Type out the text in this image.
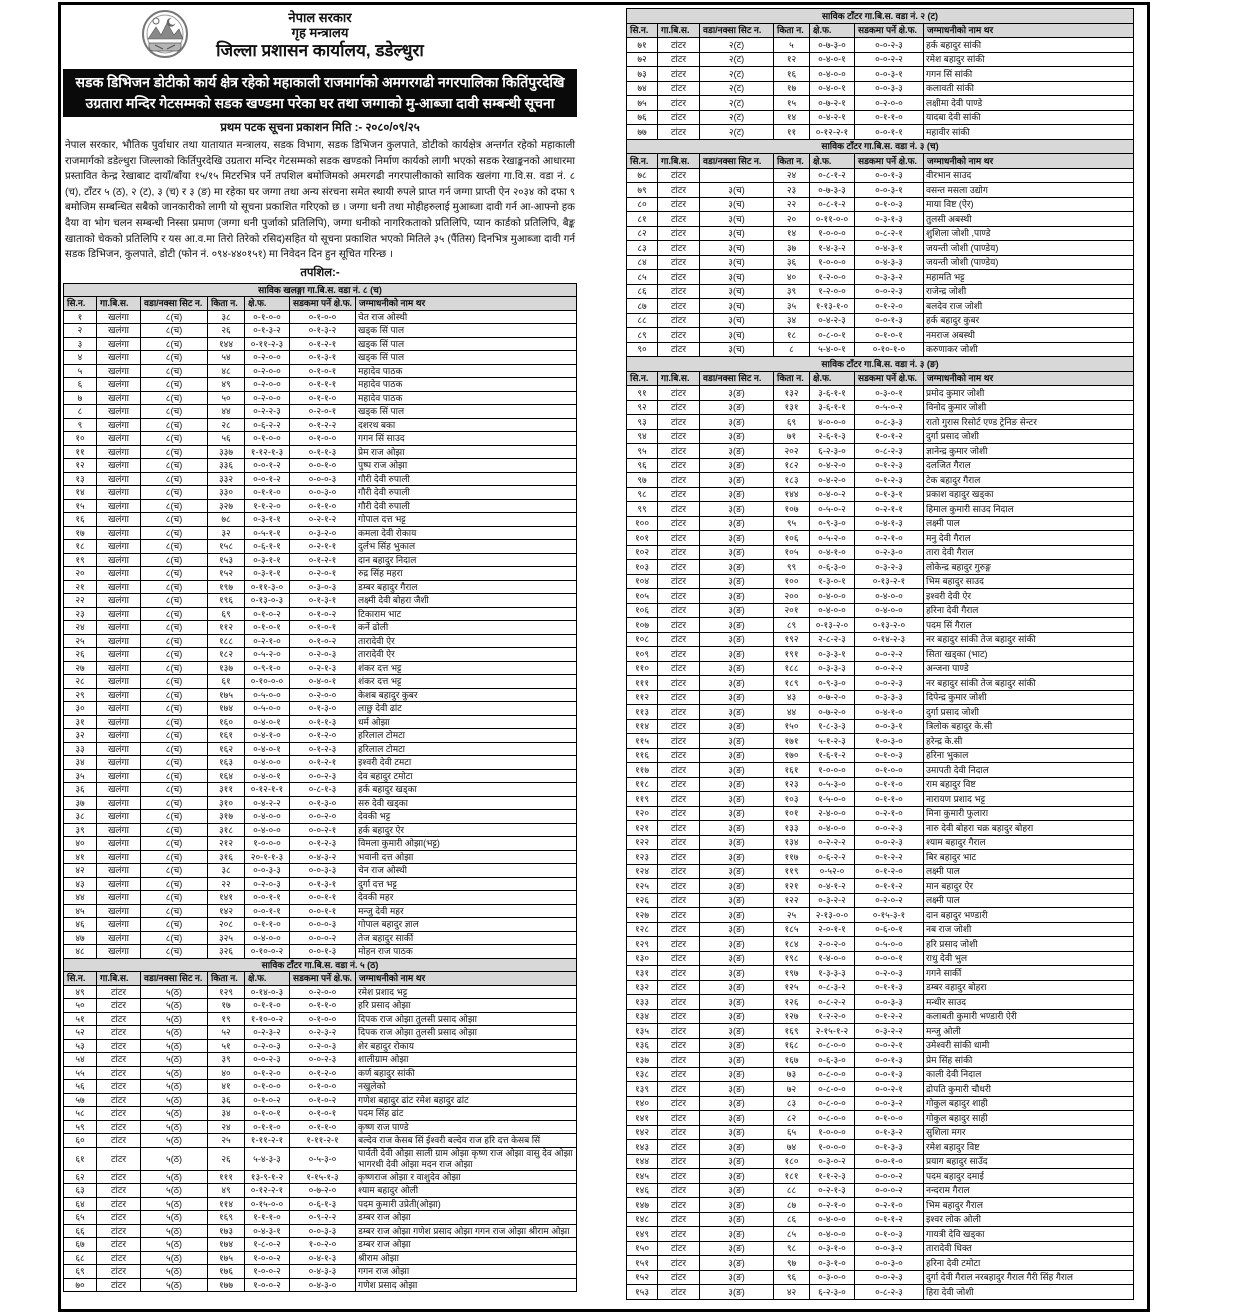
नेपाल सरकार
गृह मन्त्रालय
जिल्ला प्रशासन कार्यालय, डडेल्धुरा
सडक डिभिजन डोटीको कार्य क्षेत्र रहेको महाकाली राजमार्गको अमगरगढी नगरपालिका कितिंपुरदेखि
उग्रतारा मन्दिर गेटसम्मको सडक खण्डमा परेका घर तथा जग्गाको मु-आब्जा दावी सम्बन्धी सूचना
प्रथम पटक सूचना प्रकाशन मिति :- २०८०/०९/२५
नेपाल सरकार, भौतिक पुर्वाधार तथा यातायात मन्त्रालय, सडक विभाग, सडक डिभिजन कुलपाते, डोटीको कार्यक्षेत्र अन्तर्गत रहेको महाकाली राजमार्गको डडेल्धुरा जिल्लाको किर्तिपुरदेखि उग्रतारा मन्दिर गेटसम्मको सडक खण्डको निर्माण कार्यको लागी भएको सडक रेखाङ्कनको आधारमा प्रस्तावित केन्द्र रेखाबाट दायाँ/बाँया १५/१५ मिटरभित्र पर्ने तपशिल बमोजिमको अमरगढी नगरपालीकाको साविक खलंगा गा.वि.स. वडा नं. ८ (च), टाँटर ५ (ठ), २ (ट), ३ (च) र ३ (ङ) मा रहेका घर जग्गा तथा अन्य संरचना समेत स्थायी रुपले प्राप्त गर्न जग्गा प्राप्ती ऐन २०३४ को दफा ९ बमोजिम सम्बन्धित सबैको जानकारीको लागी यो सूचना प्रकाशित गरिएको छ । जग्गा धनी तथा मोहीहरुलाई मुआब्जा दावी गर्न आ-आफ्नो हक दैया वा भोग चलन सम्बन्धी निस्सा प्रमाण (जग्गा धनी पुर्जाको प्रतिलिपि), जग्गा धनीको नागरिकताको प्रतिलिपि, प्यान कार्डको प्रतिलिपि, बैङ्क खाताको चेकको प्रतिलिपि र यस आ.व.मा तिरो तिरेको रसिद)सहित यो सूचना प्रकाशित भएको मितिले ३५ (पैंतिस) दिनभित्र मुआब्जा दावी गर्न सडक डिभिजन, कुलपाते, डोटी (फोन नं. ०९४-४४०१५१) मा निवेदन दिन हुन सूचित गरिन्छ ।
तपशिल:-
साविक खलङ्गा गा.बि.स. वडा नं. ८ (च)						
सि.न.	गा.बि.स.	वडा/नक्सा सिट न.	किता न.	क्षे.फ.	सडकमा पर्ने क्षे.फ.	जग्माधनीको नाम थर
१	खलंगा	८(च)	३८	०-१-०-०	०-१-०-०	चेत राज ओस्थी
२	खलंगा	८(च)	२६	०-१-३-२	०-१-३-२	खड्क सिं पाल
३	खलंगा	८(च)	१४४	०-११-२-३	०-१-२-१	खड्क सिं पाल
४	खलंगा	८(च)	५४	०-२-०-०	०-१-३-१	खड्क सिं पाल
५	खलंगा	८(च)	४८	०-२-०-०	०-१-०-१	महादेव पाठक
६	खलंगा	८(च)	४९	०-२-०-०	०-१-१-१	महादेव पाठक
७	खलंगा	८(च)	५०	०-२-०-०	०-१-१-०	महादेव पाठक
८	खलंगा	८(च)	४४	०-२-२-३	०-२-०-१	खड्क सिं पाल
९	खलंगा	८(च)	२८	०-६-२-२	०-१-२-२	दशरथ बका
१०	खलंगा	८(च)	५६	०-१-०-०	०-१-०-०	गगन सिं साउद
११	खलंगा	८(च)	३३७	१-१२-१-३	०-१-१-३	प्रेम राज ओझा
१२	खलंगा	८(च)	३३६	०-०-१-२	०-०-१-०	पुष्प राज ओझा
१३	खलंगा	८(च)	३३२	०-०-१-२	०-०-०-३	गौरी देवी रुपाली
१४	खलंगा	८(च)	३३०	०-१-१-०	०-०-३-०	गौरी देवी रुपाली
१५	खलंगा	८(च)	३२७	१-१-२-०	०-१-१-०	गौरी देवी रुपाली
१६	खलंगा	८(च)	७८	०-३-१-१	०-२-१-२	गोपाल दत्त भट्ट
१७	खलंगा	८(च)	३२	०-५-१-१	०-३-२-०	कमला देवी रोकाय
१८	खलंगा	८(च)	१५८	०-६-१-१	०-२-१-१	दुर्लभ सिंह भुकाल
१९	खलंगा	८(च)	१५३	०-३-१-१	०-१-२-१	दान बहादुर निदाल
२०	खलंगा	८(च)	१५२	०-३-१-१	०-२-०-१	रुद्र सिंह महरा
२१	खलंगा	८(च)	१९७	०-११-३-०	०-३-०-३	डम्बर बहादुर गैराल
२२	खलंगा	८(च)	१९६	०-१३-०-३	०-१-३-१	लक्ष्मी देवी बोहरा जैशी
२३	खलंगा	८(च)	६९	०-१-०-२	०-१-०-२	टिकाराम भाट
२४	खलंगा	८(च)	११२	०-१-०-१	०-१-०-१	कर्ने ढोली
२५	खलंगा	८(च)	१८८	०-२-१-०	०-१-०-२	तारादेवी ऐर
२६	खलंगा	८(च)	१८२	०-५-२-०	०-२-०-३	तारादेवी ऐर
२७	खलंगा	८(च)	१३७	०-९-१-०	०-२-१-३	शंकर दत्त भट्ट
२८	खलंगा	८(च)	६१	०-१०-०-०	०-४-०-१	शंकर दत्त भट्ट
२९	खलंगा	८(च)	१७५	०-५-०-०	०-२-०-०	केशब बहादुर कुबर
३०	खलंगा	८(च)	१७४	०-५-०-०	०-१-३-०	लाछु देवी ढांट
३१	खलंगा	८(च)	१६०	०-४-०-१	०-१-१-३	धर्म ओझा
३२	खलंगा	८(च)	१६१	०-४-१-०	०-१-२-०	हरिलाल टोमटा
३३	खलंगा	८(च)	१६२	०-४-०-१	०-१-२-३	हरिलाल टोमटा
३४	खलंगा	८(च)	१६३	०-४-०-०	०-१-२-१	इश्वरी देवी टमटा
३५	खलंगा	८(च)	१६४	०-४-०-१	०-०-२-३	देव बहादुर टमोटा
३६	खलंगा	८(च)	३११	०-१२-१-१	०-८-१-३	हर्क बहादुर खड्का
३७	खलंगा	८(च)	३१०	०-४-२-२	०-१-३-०	सरु देवी खड्का
३८	खलंगा	८(च)	३१७	०-४-०-०	०-०-२-०	देवकी भट्ट
३९	खलंगा	८(च)	३१८	०-४-०-०	०-०-२-१	हर्क बहादुर ऐर
४०	खलंगा	८(च)	२१२	१-०-०-०	०-१-२-३	विमला कुमारी ओझा(भट्ट)
४१	खलंगा	८(च)	३१६	२०-१-१-३	०-४-३-२	भवानी दत्त ओझा
४२	खलंगा	८(च)	३८	०-०-३-३	०-०-३-३	चेन राज ओस्थी
४३	खलंगा	८(च)	२२	०-२-०-३	०-१-३-१	दुर्गा दत्त भट्ट
४४	खलंगा	८(च)	१४१	०-०-१-१	०-०-१-१	देवकी महर
४५	खलंगा	८(च)	१४२	०-०-१-१	०-०-१-१	मन्जु देवी महर
४६	खलंगा	८(च)	२०८	०-१-१-०	०-०-०-३	गोपाल बहादुर ज्ञाल
४७	खलंगा	८(च)	३२५	०-४-०-०	०-०-०-२	तेज बहादुर सार्की
४८	खलंगा	८(च)	३२६	०-१०-०-२	०-०-१-३	मोहन राज पाठक
साविक टाँटर गा.बि.स. वडा नं. ५ (ठ)						
सि.न.	गा.बि.स.	वडा/नक्सा सिट न.	किता न.	क्षे.फ.	सडकमा पर्ने क्षे.फ.	जग्माधनीको नाम थर
४९	टांटर	५(ठ)	१२९	०-१४-०-३	०-२-०-०	रमेश प्रशाद भट्ट
५०	टांटर	५(ठ)	१७	०-१-१-०	०-१-१-०	हरि प्रसाद ओझा
५१	टांटर	५(ठ)	१९	१-१०-०-२	०-१-०-०	दिपक राज ओझा तुलसी प्रसाद ओझा
५२	टांटर	५(ठ)	५२	०-२-३-२	०-२-३-२	दिपक राज ओझा तुलसी प्रसाद ओझा
५३	टांटर	५(ठ)	५१	०-२-०-३	०-२-०-३	शेर बहादुर रोकाय
५४	टांटर	५(ठ)	३९	०-०-२-३	०-०-२-३	शालीग्राम ओझा
५५	टांटर	५(ठ)	४०	०-१-२-०	०-१-२-०	कर्ण बहादुर सांकी
५६	टांटर	५(ठ)	४१	०-१-०-०	०-१-०-०	नखुलेको
५७	टांटर	५(ठ)	३६	०-१-०-२	०-१-०-२	गणेश बहादुर ढांट रमेश बहादुर ढांट
५८	टांटर	५(ठ)	३४	०-१-०-१	०-१-०-१	पदम सिंह ढांट
५९	टांटर	५(ठ)	२४	०-१-१-०	०-१-१-०	कृष्ण राज पाण्डे
६०	टांटर	५(ठ)	२५	१-११-२-१	१-११-२-१	बल्देव राज केसब सिं ईश्वरी बल्देव राज हरि दत्त केसब सिं
६१	टांटर	५(ठ)	२६	५-४-३-३	०-५-३-०	पार्वती देवी ओझा साली ग्राम ओझा कृष्ण राज ओझा वासु देव ओझा भागरथी देवी ओझा मदन राज ओझा
६२	टांटर	५(ठ)	१११	१३-९-१-२	१-१५-१-३	कृष्णराज ओझा र वाशुदेव ओझा
६३	टांटर	५(ठ)	४९	०-१२-२-१	०-७-२-०	श्याम बहादुर ओली
६४	टांटर	५(ठ)	११४	०-१५-०-०	०-६-१-३	पदम कुमारी उप्रेती(ओझा)
६५	टांटर	५(ठ)	१६९	१-१-१-०	०-९-२-२	डम्बर राज ओझा
६६	टांटर	५(ठ)	१७३	०-४-३-१	०-०-३-३	डम्बर राज ओझा गणेश प्रसाद ओझा गगन राज ओझा श्रीराम ओझा
६७	टांटर	५(ठ)	१७४	१-८-०-२	१-०-२-०	डम्बर राज ओझा
६८	टांटर	५(ठ)	१७५	१-०-०-२	०-४-१-३	श्रीराम ओझा
६९	टांटर	५(ठ)	१७६	१-०-०-२	०-४-३-३	गगन राज ओझा
७०	टांटर	५(ठ)	१७७	१-०-०-२	०-४-३-०	गणेश प्रसाद ओझा
साविक टाँटर गा.बि.स. वडा नं. २ (ट)						
सि.न.	गा.बि.स.	वडा/नक्सा सिट न.	किता न.	क्षे.फ.	सडकमा पर्ने क्षे.फ.	जग्माधनीको नाम थर
७१	टांटर	२(ट)	५	०-७-३-०	०-०-२-३	हर्क बहादुर सांकी
७२	टांटर	२(ट)	१२	०-४-०-१	०-०-२-२	रमेश बहादुर सांकी
७३	टांटर	२(ट)	१६	०-४-०-०	०-०-३-१	गगन सिं सांकी
७४	टांटर	२(ट)	१७	०-४-०-१	०-०-३-३	कलावती सांकी
७५	टांटर	२(ट)	१५	०-७-२-१	०-२-०-०	लक्षीमा देवी पाण्डे
७६	टांटर	२(ट)	१४	०-४-२-१	०-१-१-०	यादबा देवी सांकी
७७	टांटर	२(ट)	११	०-१२-२-१	०-०-१-१	महावीर सांकी
साविक टाँटर गा.बि.स. वडा नं. ३ (च)						
सि.न.	गा.बि.स.	वडा/नक्सा सिट न.	किता न.	क्षे.फ.	सडकमा पर्ने क्षे.फ.	जग्माधनीको नाम थर
७८	टांटर		२४	०-८-१-२	०-०-१-३	वीरभान साउद
७९	टांटर	३(च)	२३	०-७-३-३	०-०-३-१	वसन्त मसला उद्योग
८०	टांटर	३(च)	२२	०-८-१-२	०-१-०-३	माया विष्ट (ऐर)
८१	टांटर	३(च)	२०	०-११-०-०	०-३-१-३	तुलसी अबस्थी
८२	टांटर	३(च)	१४	१-०-०-०	०-८-२-१	शुशिला जोशी ,पाण्डे
८३	टांटर	३(च)	३७	१-४-३-२	०-४-३-१	जयन्ती जोशी (पाण्डेय)
८४	टांटर	३(च)	३६	१-०-०-०	०-४-३-३	जयन्ती जोशी (पाण्डेय)
८५	टांटर	३(च)	४०	१-२-०-०	०-३-३-२	महामति भट्ट
८६	टांटर	३(च)	३९	१-२-०-०	०-०-२-३	राजेन्द्र जोशी
८७	टांटर	३(च)	३५	१-१३-१-०	०-१-२-०	बलदेव राज जोशी
८८	टांटर	३(च)	३४	०-४-२-३	०-०-१-३	हर्क बहादुर कुबर
८९	टांटर	३(च)	१८	०-८-०-१	०-१-०-१	नमराज अबस्थी
९०	टांटर	३(च)	८	५-४-०-१	०-१०-१-०	करुणाकर जोशी
साविक टाँटर गा.बि.स. वडा नं. ३ (ङ)						
सि.न.	गा.बि.स.	वडा/नक्सा सिट न.	किता न.	क्षे.फ.	सडकमा पर्ने क्षे.फ.	जग्माधनीको नाम थर
९१	टांटर	३(ङ)	१३२	३-६-१-१	०-३-०-१	प्रमोद कुमार जोशी
९२	टांटर	३(ङ)	१३१	३-६-१-१	०-५-०-२	विनोद कुमार जोशी
९३	टांटर	३(ङ)	६९	४-०-०-०	०-८-३-३	रातो गुरास रिसोर्ट एण्ड ट्रेनिङ सेन्टर
९४	टांटर	३(ङ)	७१	२-६-१-३	१-०-१-२	दुर्गा प्रसाद जोशी
९५	टांटर	३(ङ)	२०२	६-२-३-०	०-८-२-३	ज्ञानेन्द्र कुमार जोशी
९६	टांटर	३(ङ)	१८२	०-४-२-०	०-१-२-३	दलजित गैराल
९७	टांटर	३(ङ)	१८३	०-४-२-०	०-१-२-३	टेक बहादुर गैराल
९८	टांटर	३(ङ)	१४४	०-४-०-२	०-१-३-१	प्रकाश वहादुर खड्का
९९	टांटर	३(ङ)	१०७	०-५-०-२	०-२-१-१	हिमाल कुमारी साउद निदाल
१००	टांटर	३(ङ)	९५	०-९-३-०	०-४-१-३	लक्ष्मी पाल
१०१	टांटर	३(ङ)	१०६	०-५-२-०	०-२-१-०	मनु देवी गैराल
१०२	टांटर	३(ङ)	१०५	०-४-१-०	०-२-३-०	तारा देवी गैराल
१०३	टांटर	३(ङ)	९९	०-६-३-०	०-३-२-३	लोकेन्द्र बहादुर गुरुङ्ग
१०४	टांटर	३(ङ)	१००	१-३-०-१	०-१३-२-१	भिम बहादुर साउद
१०५	टांटर	३(ङ)	२००	०-४-०-०	०-४-०-०	इश्वरी देवी ऐर
१०६	टांटर	३(ङ)	२०१	०-४-०-०	०-४-०-०	हरिना देवी गैराल
१०७	टांटर	३(ङ)	८९	०-१३-२-०	०-१३-२-०	पदम सिं गैराल
१०८	टांटर	३(ङ)	१९२	२-८-२-३	०-१४-२-३	नर बहादुर सांकी तेज बहादुर सांकी
१०९	टांटर	३(ङ)	१९१	०-३-३-१	०-०-२-२	सिता खड्का (भाट)
११०	टांटर	३(ङ)	१८८	०-३-३-३	०-०-२-२	अन्जना पाण्डे
१११	टांटर	३(ङ)	१८९	०-९-३-०	०-०-२-३	नर बहादुर सांकी तेज बहादुर सांकी
११२	टांटर	३(ङ)	४३	०-७-२-०	०-३-३-३	दिपेन्द्र कुमार जोशी
११३	टांटर	३(ङ)	४४	०-७-२-०	०-४-१-०	दुर्गा प्रसाद जोशी
११४	टांटर	३(ङ)	१५०	१-८-३-३	०-०-३-१	त्रिलोक बहादुर के.सी
११५	टांटर	३(ङ)	१७१	५-१-२-३	१-०-३-०	हरेन्द्र के.सी
११६	टांटर	३(ङ)	१७०	१-६-१-२	०-१-०-३	हरिना भुकाल
११७	टांटर	३(ङ)	१६१	१-०-०-०	०-१-०-०	उमापती देवी निदाल
११८	टांटर	३(ङ)	१२३	०-५-३-०	०-१-१-०	राम बहादुर विष्ट
११९	टांटर	३(ङ)	१०३	१-५-०-०	०-१-१-०	नारायण प्रशाद भट्ट
१२०	टांटर	३(ङ)	१०१	२-४-०-०	०-२-१-०	मिना कुमारी फुलारा
१२१	टांटर	३(ङ)	१३३	०-४-०-०	०-०-२-३	नारु देवी बोहरा चक्र बहादुर बोहरा
१२२	टांटर	३(ङ)	१३४	०-२-२-२	०-०-२-३	श्याम बहादुर गैराल
१२३	टांटर	३(ङ)	११७	०-६-२-२	०-१-२-२	बिर बहादुर भाट
१२४	टांटर	३(ङ)	११९	०-५२-०	०-१-२-०	लक्ष्मी पाल
१२५	टांटर	३(ङ)	१२१	०-४-१-२	०-१-१-२	मान बहादुर ऐर
१२६	टांटर	३(ङ)	१२२	०-३-२-२	०-२-०-२	लक्ष्मी पाल
१२७	टांटर	३(ङ)	२५	२-१३-०-०	०-१५-३-१	दान बहादुर भण्डारी
१२८	टांटर	३(ङ)	१८५	२-०-१-१	०-६-०-१	नब राज जोशी
१२९	टांटर	३(ङ)	१८४	२-०-२-०	०-५-०-०	हरि प्रसाद जोशी
१३०	टांटर	३(ङ)	१९८	१-४-०-०	०-०-०-१	राधु देवी भुल
१३१	टांटर	३(ङ)	१९७	१-३-३-३	०-२-०-३	गगने सार्की
१३२	टांटर	३(ङ)	१२५	०-८-३-२	०-१-१-३	डम्बर वहादुर बोहरा
१३३	टांटर	३(ङ)	१२६	०-८-२-२	०-०-३-३	मन्धीर साउद
१३४	टांटर	३(ङ)	१२७	१-२-२-०	०-१-२-२	कलाबती कुमारी भण्डारी ऐरी
१३५	टांटर	३(ङ)	१६९	२-१५-१-२	०-३-२-२	मन्जु ओली
१३६	टांटर	३(ङ)	१६८	०-८-०-०	०-०-२-१	उमेश्वरी सांकी धामी
१३७	टांटर	३(ङ)	१६७	०-६-३-०	०-०-१-३	प्रेम सिंह सांकी
१३८	टांटर	३(ङ)	७३	०-८-०-०	०-०-१-३	काली देवी निदाल
१३९	टांटर	३(ङ)	७२	०-८-०-०	०-०-२-१	द्रोपति कुमारी चौधरी
१४०	टांटर	३(ङ)	८३	०-८-०-०	०-०-३-२	गोकुल बहादुर शाही
१४१	टांटर	३(ङ)	८२	०-८-०-०	०-१-०-०	गोकुल बहादुर साही
१४२	टांटर	३(ङ)	६५	१-०-०-०	०-१-३-२	सुशिला मगर
१४३	टांटर	३(ङ)	७४	१-०-०-०	०-१-३-३	रमेश बहादुर विष्ट
१४४	टांटर	३(ङ)	१८०	०-३-०-२	०-०-१-०	प्रयाग बहादुर साउँद
१४५	टांटर	३(ङ)	१८१	१-१-२-३	०-०-०-२	पदम बहादुर दमाई
१४६	टांटर	३(ङ)	८८	०-२-१-३	०-०-०-२	नन्दराम गैराल
१४७	टांटर	३(ङ)	८७	०-२-१-०	०-२-१-०	भिम बहादुर गैराल
१४८	टांटर	३(ङ)	८६	०-४-०-०	०-१-१-२	इश्वर लोक ओली
१४९	टांटर	३(ङ)	८५	०-४-०-०	०-१-०-३	गायत्री देवि खड्का
१५०	टांटर	३(ङ)	९८	०-३-१-०	०-०-३-२	तारादेवी धिक्त
१५१	टांटर	३(ङ)	९७	०-३-१-०	०-०-३-०	हरिना देवी टमोटा
१५२	टांटर	३(ङ)	९६	०-३-०-०	०-०-२-३	दुर्गा देवी गैराल नरबहादुर गैराल गैरी सिंह गैराल
१५३	टांटर	३(ङ)	४२	६-२-३-०	०-८-२-३	हिरा देवी जोशी
